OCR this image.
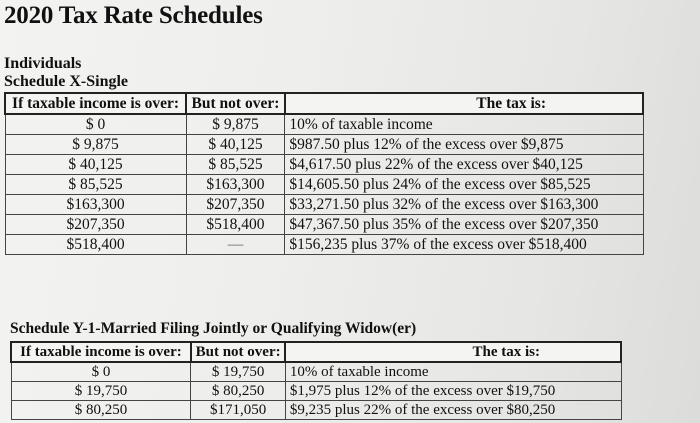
2020 Tax Rate Schedules
Individuals
Schedule X-Single
If taxable income is over:	But not over:	The tax is:
$ 0	$ 9,875	10% of taxable income
$ 9,875	$ 40,125	$987.50 plus 12% of the excess over $9,875
$ 40,125	$ 85,525	$4,617.50 plus 22% of the excess over $40,125
$ 85,525	$163,300	$14,605.50 plus 24% of the excess over $85,525
$163,300	$207,350	$33,271.50 plus 32% of the excess over $163,300
$207,350	$518,400	$47,367.50 plus 35% of the excess over $207,350
$518,400	—	$156,235 plus 37% of the excess over $518,400
Schedule Y-1-Married Filing Jointly or Qualifying Widow(er)
If taxable income is over:	But not over:	The tax is:
$ 0	$ 19,750	10% of taxable income
$ 19,750	$ 80,250	$1,975 plus 12% of the excess over $19,750
$ 80,250	$171,050	$9,235 plus 22% of the excess over $80,250
